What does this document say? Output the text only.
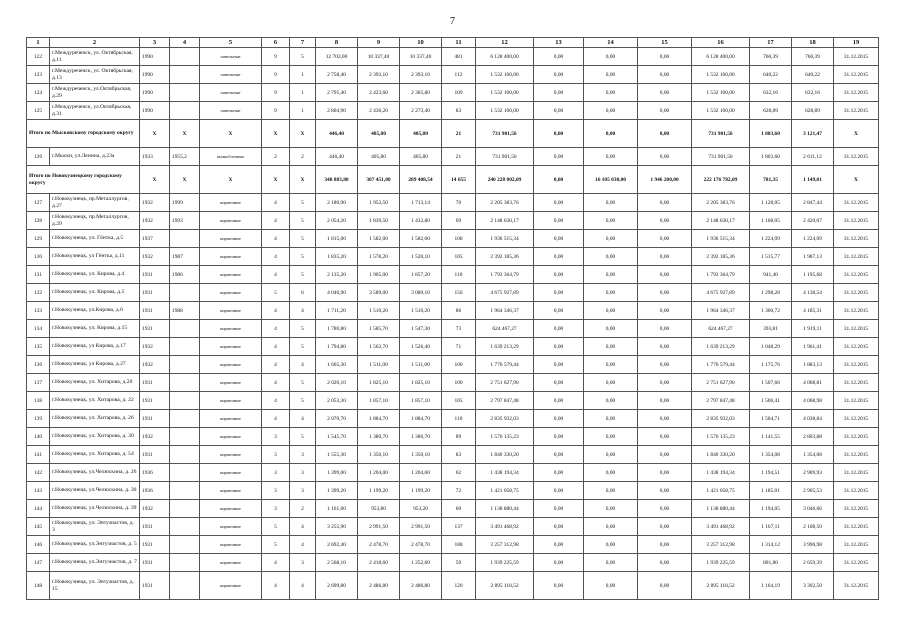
7
1	2	3	4	5	6	7	8	9	10	11	12	13	14	15	16	17	18	19
122	г.Междуреченск, ул. Октябрьская, д.11	1990		панельные	9	5	12 702,00	10 337,40	10 337,40	481	6 128 400,00	0,00	0,00	0,00	6 128 400,00	760,39	760,39	31.12.2015
123	г.Междуреченск, ул. Октябрьская, д.13	1990		панельные	9	1	2 758,40	2 393,10	2 393,10	112	1 532 100,00	0,00	0,00	0,00	1 532 100,00	640,22	640,22	31.12.2015
124	г.Междуреченск, ул.Октябрьская, д.29	1990		панельные	9	1	2 795,40	2 423,60	2 365,80	109	1 532 100,00	0,00	0,00	0,00	1 532 100,00	632,16	632,16	31.12.2015
125	г.Междуреченск, ул.Октябрьская, д.31	1990		панельные	9	1	2 804,90	2 436,20	2 273,40	83	1 532 100,00	0,00	0,00	0,00	1 532 100,00	628,89	628,89	31.12.2015
Итого по Мысковскому городскому округу		X	X	X	X	X	446,40	405,80	405,80	21	731 901,56	0,00	0,00	0,00	731 901,56	1 803,60	3 121,47	X
126	г.Мыски, ул.Ленина, д.23а	1933	1955,2	шлакоблочные	2	2	446,40	405,80	405,80	21	731 901,56	0,00	0,00	0,00	731 901,56	1 803,60	2 611,12	31.12.2015
Итого по Новокузнецкому городскому округу		X	X	X	X	X	348 883,80	307 451,80	289 408,54	14 655	240 228 002,09	0,00	16 105 030,00	1 946 200,00	222 176 782,09	781,35	1 149,01	X
127	г.Новокузнецк, пр.Металлургов, д.27	1932	1999	кирпичные	4	5	2 180,90	1 953,50	1 713,14	70	2 205 383,76	0,00	0,00	0,00	2 205 383,76	1 128,05	2 847,44	31.12.2015
128	г.Новокузнецк, пр.Металлургов, д.29	1932	1993	кирпичные	4	5	2 054,20	1 839,50	1 432,80	69	2 148 630,17	0,00	0,00	0,00	2 148 630,17	1 168,05	2 420,07	31.12.2015
129	г.Новокузнецк, ул. Гёнтка, д.5	1937		кирпичные	4	5	1 815,00	1 582,00	1 582,00	108	1 936 515,34	0,00	0,00	0,00	1 936 515,34	1 224,09	1 224,09	31.12.2015
130	г.Новокузнецк, ул Гёнтка, д.11	1932	1987	кирпичные	4	5	1 835,20	1 578,20	1 520,10	105	2 392 185,36	0,00	0,00	0,00	2 392 185,36	1 515,77	1 987,13	31.12.2015
131	г.Новокузнецк, ул. Кирова, д.4	1931	1986	кирпичные	4	5	2 135,20	1 905,00	1 857,20	110	1 793 364,79	0,00	0,00	0,00	1 793 364,79	941,40	1 195,68	31.12.2015
132	г.Новокузнецк, ул. Кирова, д.5	1931		кирпичные	5	6	4 046,90	3 589,00	3 080,10	156	4 675 927,89	0,00	0,00	0,00	4 675 927,89	1 298,28	4 138,54	31.12.2015
133	г.Новокузнецк, ул.Кирова, д.6	1931	1988	кирпичные	4	4	1 711,20	1 510,20	1 510,20	86	1 964 346,37	0,00	0,00	0,00	1 964 346,37	1 300,72	4 185,31	31.12.2015
134	г.Новокузнецк, ул. Кирова, д.15	1931		кирпичные	4	5	1 780,80	1 585,70	1 547,30	73	624 467,27	0,00	0,00	0,00	624 467,27	393,81	1 919,11	31.12.2015
135	г.Новокузнецк, ул Кирова, д.17	1932		кирпичные	4	5	1 794,80	1 563,70	1 526,40	71	1 639 213,29	0,00	0,00	0,00	1 639 213,29	1 048,29	1 961,41	31.12.2015
136	г.Новокузнецк, ул Кирова, д.27	1932		кирпичные	4	4	1 665,30	1 511,00	1 511,00	100	1 776 579,44	0,00	0,00	0,00	1 776 579,44	1 175,76	1 883,13	31.12.2015
137	г.Новокузнецк, ул. Хитарова, д.20	1931		кирпичные	4	5	2 020,10	1 825,10	1 825,10	100	2 751 627,90	0,00	0,00	0,00	2 751 627,90	1 507,66	4 068,81	31.12.2015
138	г.Новокузнецк, ул. Хитарова, д. 22	1931		кирпичные	4	5	2 053,30	1 857,10	1 857,10	105	2 797 847,48	0,00	0,00	0,00	2 797 847,48	1 506,41	4 068,98	31.12.2015
139	г.Новокузнецк, ул. Хитарова, д. 26	1931		кирпичные	4	4	2 070,70	1 884,70	1 884,70	110	2 835 932,03	0,00	0,00	0,00	2 835 932,03	1 504,71	4 038,84	31.12.2015
140	г.Новокузнецк, ул. Хитарова, д. 30	1932		кирпичные	3	5	1 545,70	1 380,70	1 380,70	89	1 576 135,23	0,00	0,00	0,00	1 576 135,23	1 141,55	2 803,88	31.12.2015
141	г.Новокузнецк, ул. Хитарова, д. 54	1931		кирпичные	3	3	1 555,30	1 350,10	1 350,10	83	1 840 330,20	0,00	0,00	0,00	1 840 330,20	1 354,08	1 354,08	31.12.2015
142	г.Новокузнецк, ул.Челюскина, д. 26	1936		кирпичные	3	3	1 399,00	1 204,00	1 204,00	62	1 438 194,34	0,00	0,00	0,00	1 438 194,34	1 194,51	2 909,93	31.12.2015
143	г.Новокузнецк, ул.Челюскина, д. 30	1936		кирпичные	3	3	1 399,20	1 199,20	1 199,20	72	1 421 058,75	0,00	0,00	0,00	1 421 058,75	1 185,01	2 905,53	31.12.2015
144	г.Новокузнецк, ул.Челюскина, д. 39	1932		кирпичные	3	2	1 161,00	953,80	953,20	60	1 138 880,44	0,00	0,00	0,00	1 138 880,44	1 194,05	3 046,66	31.12.2015
145	г.Новокузнецк, ул. Энтузиастов, д. 3	1931		кирпичные	5	4	3 255,90	2 991,50	2 991,50	137	3 491 468,92	0,00	0,00	0,00	3 491 468,92	1 167,11	2 108,50	31.12.2015
146	г.Новокузнецк, ул.Энтузиастов, д. 5	1931		кирпичные	5	4	2 692,40	2 478,70	2 478,70	188	3 257 312,98	0,00	0,00	0,00	3 257 312,98	1 314,12	3 990,98	31.12.2015
147	г.Новокузнецк, ул.Энтузиастов, д. 7	1931		кирпичные	4	3	2 568,10	2 418,60	1 252,60	59	1 939 225,59	0,00	0,00	0,00	1 939 225,59	801,80	2 659,39	31.12.2015
148	г.Новокузнецк, ул. Энтузиастов, д. 15	1931		кирпичные	4	4	2 699,80	2 486,80	2 486,80	120	2 895 118,52	0,00	0,00	0,00	2 895 118,52	1 164,19	3 302,50	31.12.2015
